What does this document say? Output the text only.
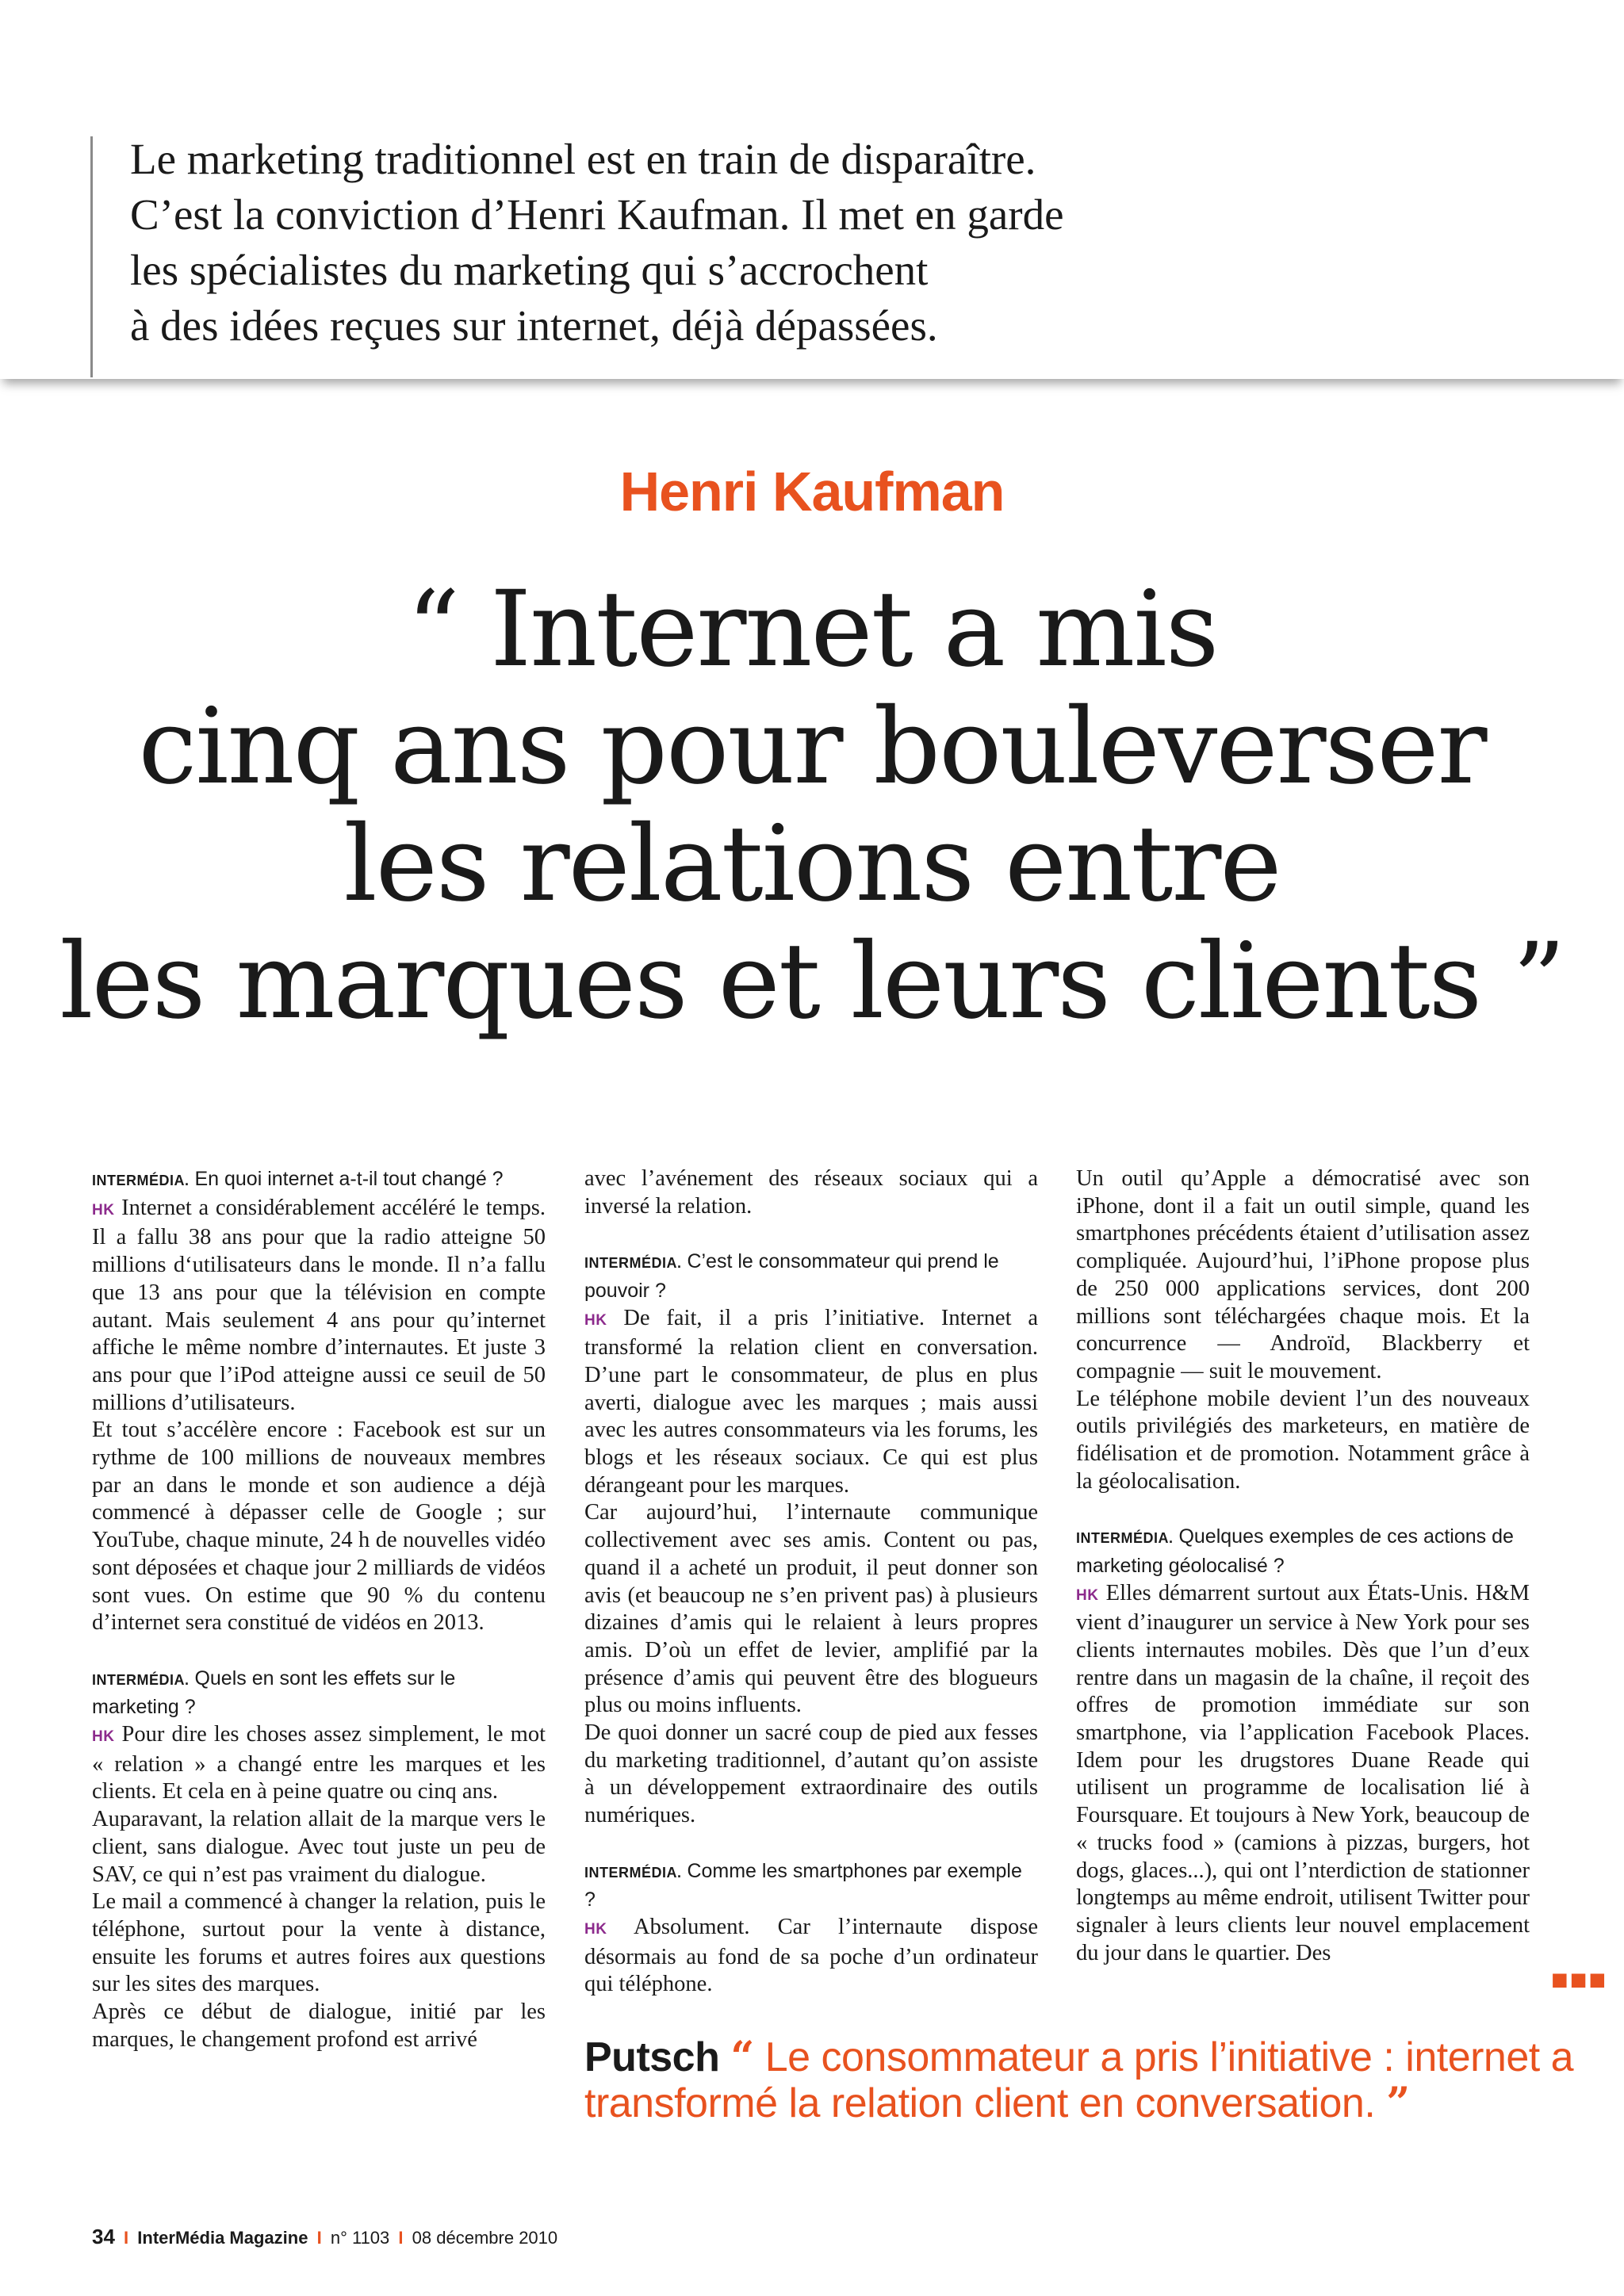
Le marketing traditionnel est en train de disparaître.
C’est la conviction d’Henri Kaufman. Il met en garde
les spécialistes du marketing qui s’accrochent
à des idées reçues sur internet, déjà dépassées.
Henri Kaufman
“ Internet a mis
cinq ans pour bouleverser
les relations entre
les marques et leurs clients ”
INTERMÉDIA. En quoi internet a-t-il tout changé ?

HK Internet a considérablement accéléré le temps. Il a fallu 38 ans pour que la radio atteigne 50 millions d‘utilisateurs dans le monde. Il n’a fallu que 13 ans pour que la télévision en compte autant. Mais seulement 4 ans pour qu’internet affiche le même nombre d’internautes. Et juste 3 ans pour que l’iPod atteigne aussi ce seuil de 50 millions d’utilisateurs.

Et tout s’accélère encore : Facebook est sur un rythme de 100 millions de nouveaux membres par an dans le monde et son audience a déjà commencé à dépasser celle de Google ; sur YouTube, chaque minute, 24 h de nouvelles vidéo sont déposées et chaque jour 2 milliards de vidéos sont vues. On estime que 90 % du contenu d’internet sera constitué de vidéos en 2013.

INTERMÉDIA. Quels en sont les effets sur le marketing ?

HK Pour dire les choses assez simplement, le mot « relation » a changé entre les marques et les clients. Et cela en à peine quatre ou cinq ans.

Auparavant, la relation allait de la marque vers le client, sans dialogue. Avec tout juste un peu de SAV, ce qui n’est pas vraiment du dialogue.

Le mail a commencé à changer la relation, puis le téléphone, surtout pour la vente à distance, ensuite les forums et autres foires aux questions sur les sites des marques.

Après ce début de dialogue, initié par les marques, le changement profond est arrivé

avec l’avénement des réseaux sociaux qui a inversé la relation.

INTERMÉDIA. C’est le consommateur qui prend le pouvoir ?

HK De fait, il a pris l’initiative. Internet a transformé la relation client en conversation. D’une part le consommateur, de plus en plus averti, dialogue avec les marques ; mais aussi avec les autres consommateurs via les forums, les blogs et les réseaux sociaux. Ce qui est plus dérangeant pour les marques.

Car aujourd’hui, l’internaute communique collectivement avec ses amis. Content ou pas, quand il a acheté un produit, il peut donner son avis (et beaucoup ne s’en privent pas) à plusieurs dizaines d’amis qui le relaient à leurs propres amis. D’où un effet de levier, amplifié par la présence d’amis qui peuvent être des blogueurs plus ou moins influents.

De quoi donner un sacré coup de pied aux fesses du marketing traditionnel, d’autant qu’on assiste à un développement extraordinaire des outils numériques.

INTERMÉDIA. Comme les smartphones par exemple ?

HK Absolument. Car l’internaute dispose désormais au fond de sa poche d’un ordinateur qui téléphone.

Un outil qu’Apple a démocratisé avec son iPhone, dont il a fait un outil simple, quand les smartphones précédents étaient d’utilisation assez compliquée. Aujourd’hui, l’iPhone propose plus de 250 000 applications services, dont 200 millions sont téléchargées chaque mois. Et la concurrence — Androïd, Blackberry et compagnie — suit le mouvement.

Le téléphone mobile devient l’un des nouveaux outils privilégiés des marketeurs, en matière de fidélisation et de promotion. Notamment grâce à la géolocalisation.

INTERMÉDIA. Quelques exemples de ces actions de marketing géolocalisé ?

HK Elles démarrent surtout aux États-Unis. H&M vient d’inaugurer un service à New York pour ses clients internautes mobiles. Dès que l’un d’eux rentre dans un magasin de la chaîne, il reçoit des offres de promotion immédiate sur son smartphone, via l’application Facebook Places. Idem pour les drugstores Duane Reade qui utilisent un programme de localisation lié à Foursquare. Et toujours à New York, beaucoup de « trucks food » (camions à pizzas, burgers, hot dogs, glaces...), qui ont l’nterdiction de stationner longtemps au même endroit, utilisent Twitter pour signaler à leurs clients leur nouvel emplacement du jour dans le quartier. Des

■■■
Putsch “ Le consommateur a pris l’initiative : internet a transformé la relation client en conversation. ”
34 I InterMédia Magazine I n° 1103 I 08 décembre 2010
